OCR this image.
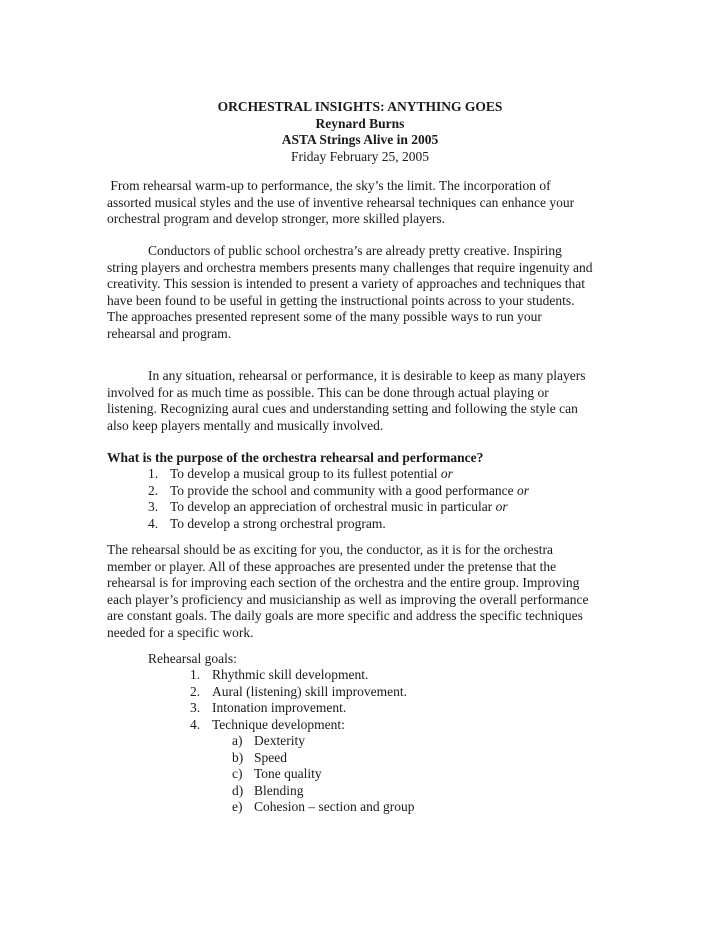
ORCHESTRAL INSIGHTS: ANYTHING GOES
Reynard Burns
ASTA Strings Alive in 2005
Friday February 25, 2005
From rehearsal warm-up to performance, the sky’s the limit. The incorporation of
assorted musical styles and the use of inventive rehearsal techniques can enhance your
orchestral program and develop stronger, more skilled players.
Conductors of public school orchestra’s are already pretty creative. Inspiring
string players and orchestra members presents many challenges that require ingenuity and
creativity. This session is intended to present a variety of approaches and techniques that
have been found to be useful in getting the instructional points across to your students.
The approaches presented represent some of the many possible ways to run your
rehearsal and program.
In any situation, rehearsal or performance, it is desirable to keep as many players
involved for as much time as possible. This can be done through actual playing or
listening. Recognizing aural cues and understanding setting and following the style can
also keep players mentally and musically involved.
What is the purpose of the orchestra rehearsal and performance?
1. To develop a musical group to its fullest potential or
2. To provide the school and community with a good performance or
3. To develop an appreciation of orchestral music in particular or
4. To develop a strong orchestral program.
The rehearsal should be as exciting for you, the conductor, as it is for the orchestra
member or player. All of these approaches are presented under the pretense that the
rehearsal is for improving each section of the orchestra and the entire group. Improving
each player’s proficiency and musicianship as well as improving the overall performance
are constant goals. The daily goals are more specific and address the specific techniques
needed for a specific work.
Rehearsal goals:
1. Rhythmic skill development.
2. Aural (listening) skill improvement.
3. Intonation improvement.
4. Technique development:
a) Dexterity
b) Speed
c) Tone quality
d) Blending
e) Cohesion – section and group
